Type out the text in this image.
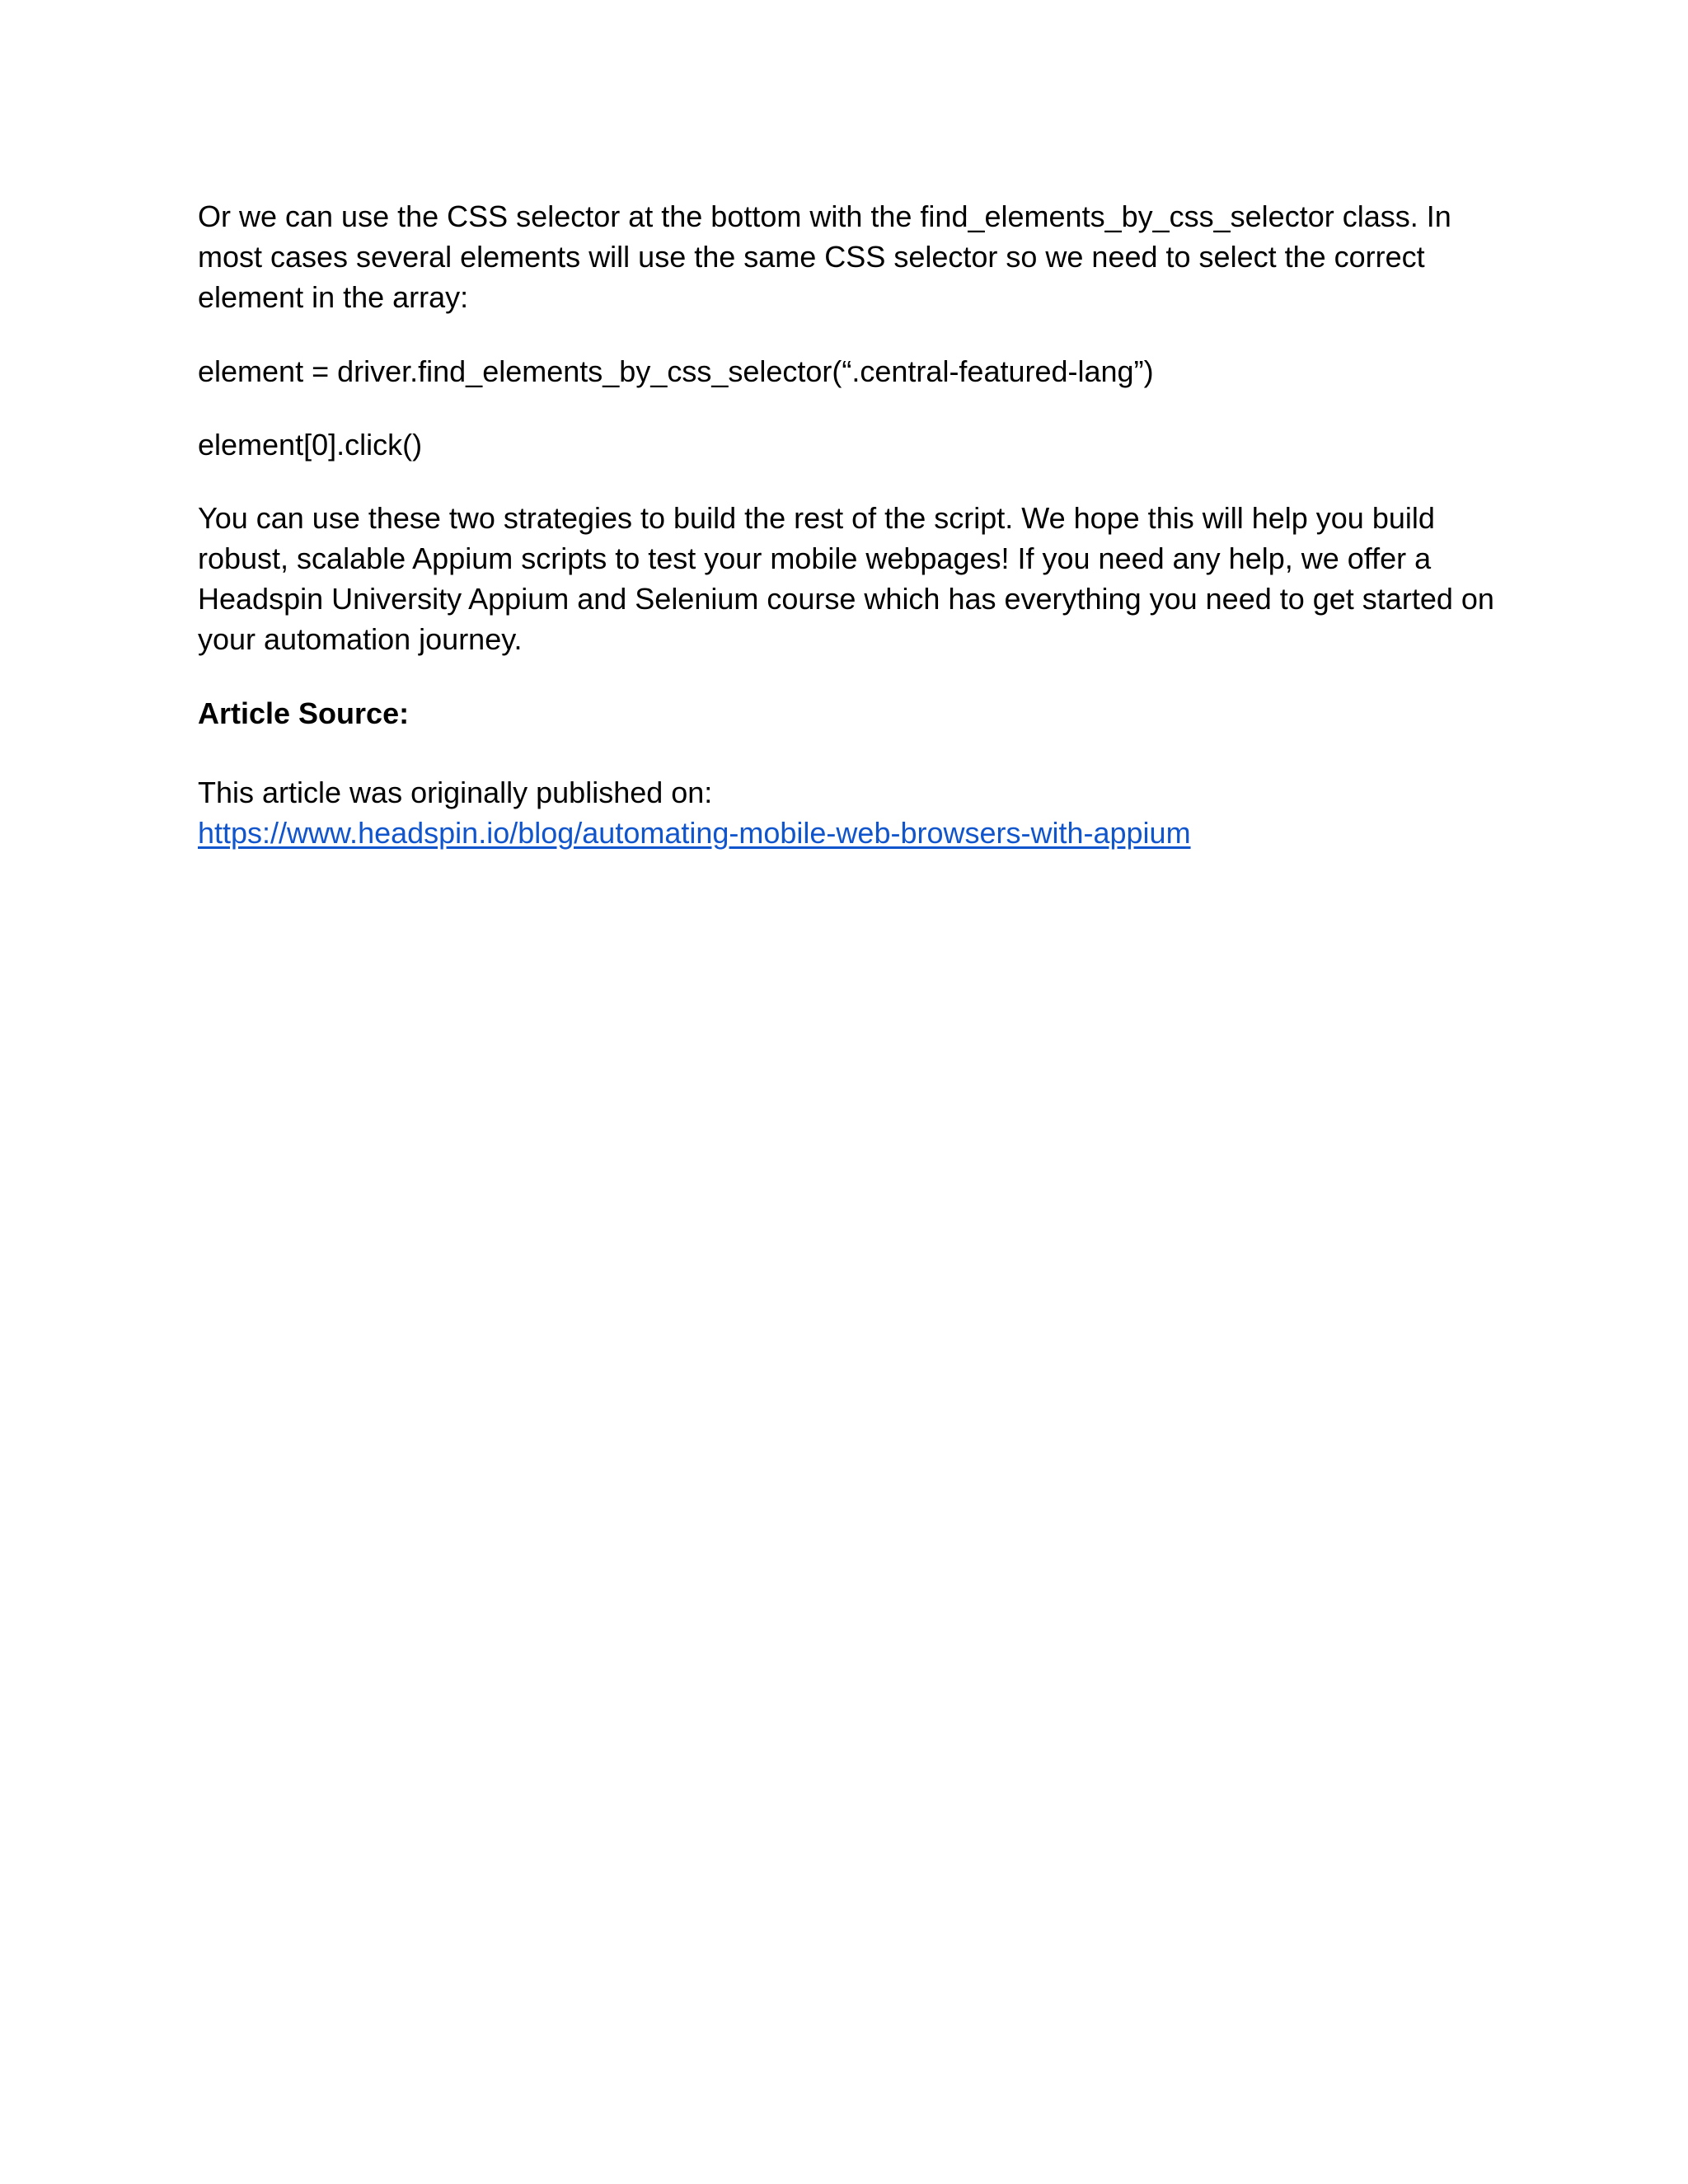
Or we can use the CSS selector at the bottom with the find_elements_by_css_selector class. In most cases several elements will use the same CSS selector so we need to select the correct element in the array:

element = driver.find_elements_by_css_selector(“.central-featured-lang”)

element[0].click()

You can use these two strategies to build the rest of the script. We hope this will help you build robust, scalable Appium scripts to test your mobile webpages! If you need any help, we offer a Headspin University Appium and Selenium course which has everything you need to get started on your automation journey.

Article Source:

This article was originally published on:

https://www.headspin.io/blog/automating-mobile-web-browsers-with-appium
